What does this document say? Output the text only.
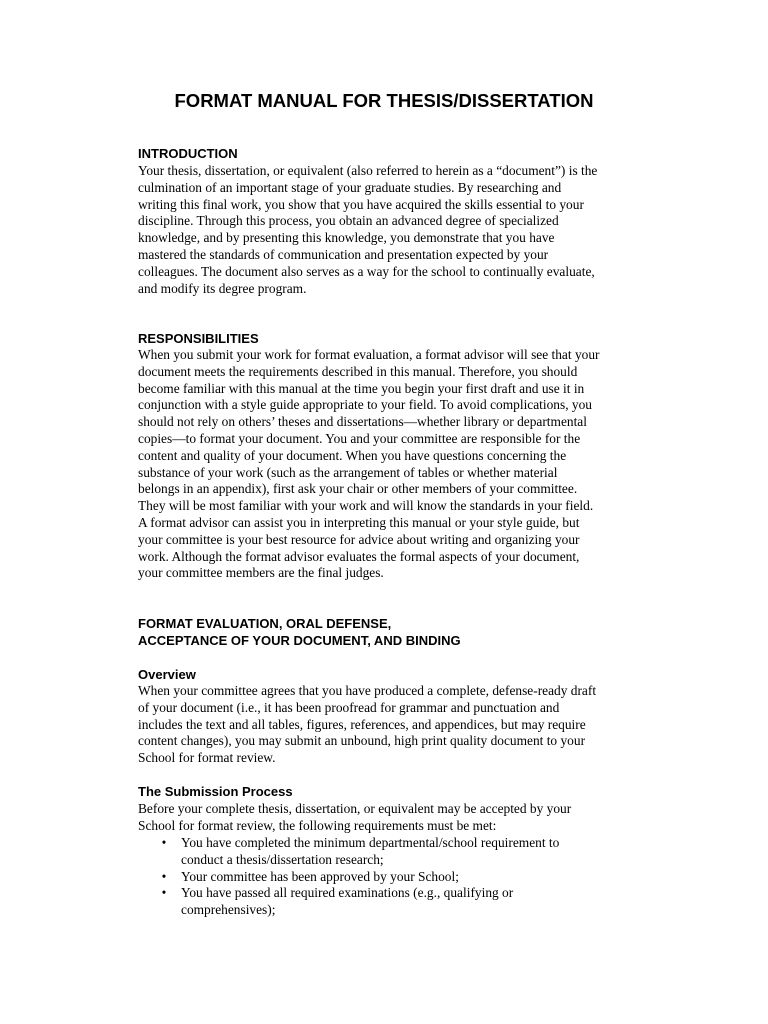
FORMAT MANUAL FOR THESIS/DISSERTATION
INTRODUCTION
Your thesis, dissertation, or equivalent (also referred to herein as a “document”) is the
culmination of an important stage of your graduate studies. By researching and
writing this final work, you show that you have acquired the skills essential to your
discipline. Through this process, you obtain an advanced degree of specialized
knowledge, and by presenting this knowledge, you demonstrate that you have
mastered the standards of communication and presentation expected by your
colleagues. The document also serves as a way for the school to continually evaluate,
and modify its degree program.
RESPONSIBILITIES
When you submit your work for format evaluation, a format advisor will see that your
document meets the requirements described in this manual. Therefore, you should
become familiar with this manual at the time you begin your first draft and use it in
conjunction with a style guide appropriate to your field. To avoid complications, you
should not rely on others’ theses and dissertations—whether library or departmental
copies—to format your document. You and your committee are responsible for the
content and quality of your document. When you have questions concerning the
substance of your work (such as the arrangement of tables or whether material
belongs in an appendix), first ask your chair or other members of your committee.
They will be most familiar with your work and will know the standards in your field.
A format advisor can assist you in interpreting this manual or your style guide, but
your committee is your best resource for advice about writing and organizing your
work. Although the format advisor evaluates the formal aspects of your document,
your committee members are the final judges.
FORMAT EVALUATION, ORAL DEFENSE,
ACCEPTANCE OF YOUR DOCUMENT, AND BINDING
Overview
When your committee agrees that you have produced a complete, defense-ready draft
of your document (i.e., it has been proofread for grammar and punctuation and
includes the text and all tables, figures, references, and appendices, but may require
content changes), you may submit an unbound, high print quality document to your
School for format review.
The Submission Process
Before your complete thesis, dissertation, or equivalent may be accepted by your
School for format review, the following requirements must be met:
• You have completed the minimum departmental/school requirement to
conduct a thesis/dissertation research;
• Your committee has been approved by your School;
• You have passed all required examinations (e.g., qualifying or
comprehensives);
